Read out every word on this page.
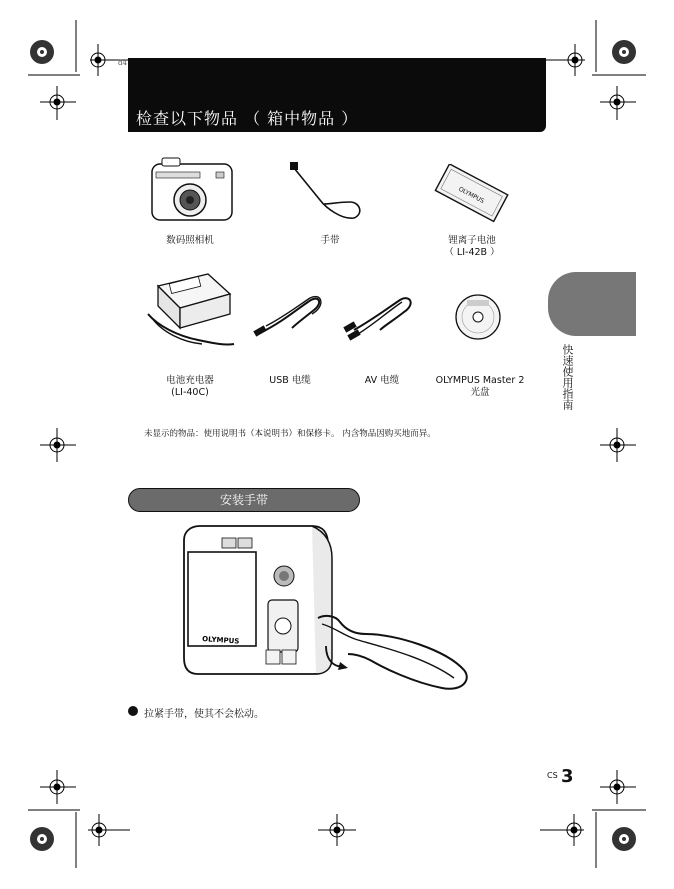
d4
检查以下物品 （ 箱中物品 ）
OLYMPUS
数码照相机	手带	锂离子电池
（ LI-42B ）
电池充电器
(LI-40C)
USB 电缆	AV 电缆	OLYMPUS Master 2
光盘
未显示的物品：使用说明书（本说明书）和保修卡。 内含物品因购买地而异。
安装手带
OLYMPUS
拉紧手带，使其不会松动。
快速使用指南
CS 3
